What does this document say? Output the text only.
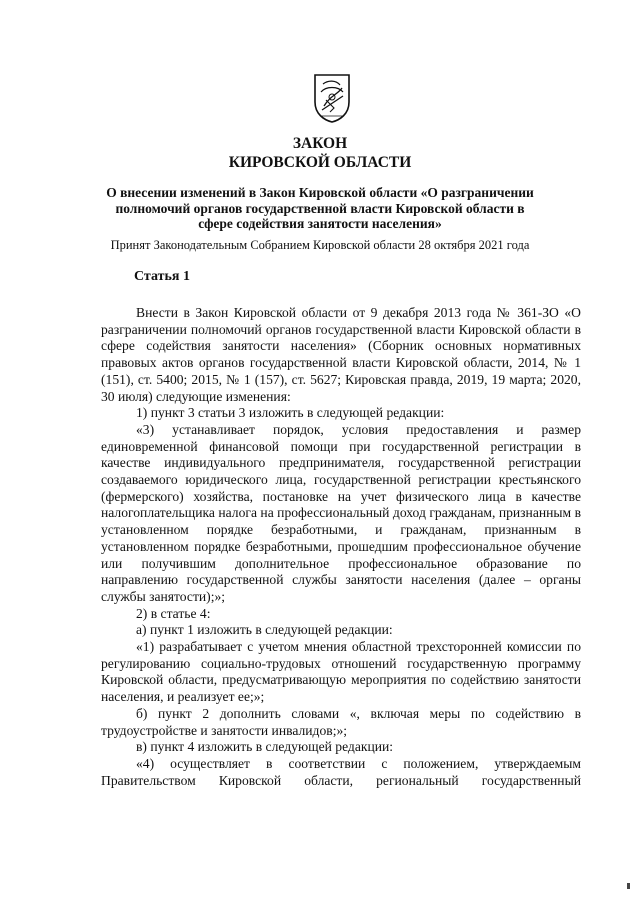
ЗАКОН
КИРОВСКОЙ ОБЛАСТИ
О внесении изменений в Закон Кировской области «О разграничении полномочий органов государственной власти Кировской области в сфере содействия занятости населения»
Принят Законодательным Собранием Кировской области 28 октября 2021 года
Статья 1

Внести в Закон Кировской области от 9 декабря 2013 года № 361-ЗО «О разграничении полномочий органов государственной власти Кировской области в сфере содействия занятости населения» (Сборник основных нормативных правовых актов органов государственной власти Кировской области, 2014, № 1 (151), ст. 5400; 2015, № 1 (157), ст. 5627; Кировская правда, 2019, 19 марта; 2020, 30 июля) следующие изменения:

1) пункт 3 статьи 3 изложить в следующей редакции:

«3) устанавливает порядок, условия предоставления и размер единовременной финансовой помощи при государственной регистрации в качестве индивидуального предпринимателя, государственной регистрации создаваемого юридического лица, государственной регистрации крестьянского (фермерского) хозяйства, постановке на учет физического лица в качестве налогоплательщика налога на профессиональный доход гражданам, признанным в установленном порядке безработными, и гражданам, признанным в установленном порядке безработными, прошедшим профессиональное обучение или получившим дополнительное профессиональное образование по направлению государственной службы занятости населения (далее – органы службы занятости);»;

2) в статье 4:

а) пункт 1 изложить в следующей редакции:

«1) разрабатывает с учетом мнения областной трехсторонней комиссии по регулированию социально-трудовых отношений государственную программу Кировской области, предусматривающую мероприятия по содействию занятости населения, и реализует ее;»;

б) пункт 2 дополнить словами «, включая меры по содействию в трудоустройстве и занятости инвалидов;»;

в) пункт 4 изложить в следующей редакции:

«4) осуществляет в соответствии с положением, утверждаемым Правительством Кировской области, региональный государственный
